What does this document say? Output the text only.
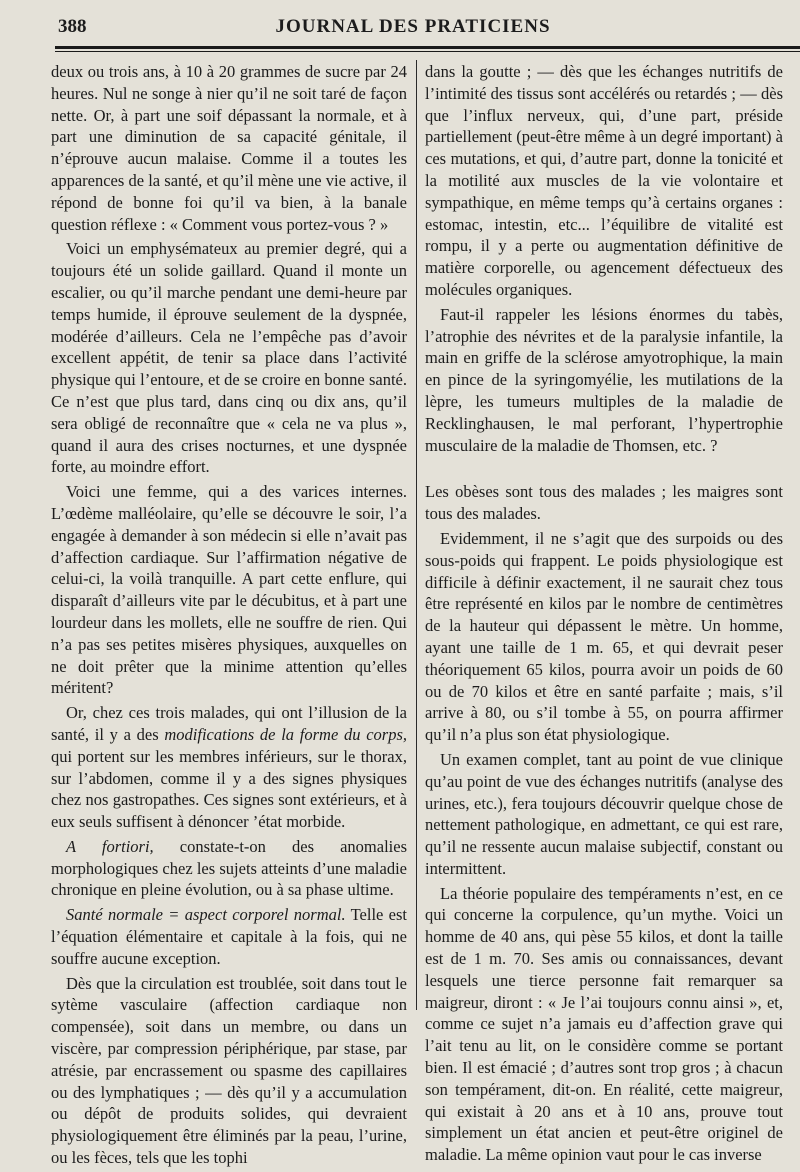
388	JOURNAL DES PRATICIENS

deux ou trois ans, à 10 à 20 grammes de sucre par 24 heures. Nul ne songe à nier qu’il ne soit taré de façon nette. Or, à part une soif dépassant la normale, et à part une diminution de sa capacité génitale, il n’éprouve aucun malaise. Comme il a toutes les apparences de la santé, et qu’il mène une vie active, il répond de bonne foi qu’il va bien, à la banale question réflexe : « Comment vous portez-vous ? »

Voici un emphysémateux au premier degré, qui a toujours été un solide gaillard. Quand il monte un escalier, ou qu’il marche pendant une demi-heure par temps humide, il éprouve seulement de la dyspnée, modérée d’ailleurs. Cela ne l’empêche pas d’avoir excellent appétit, de tenir sa place dans l’activité physique qui l’entoure, et de se croire en bonne santé. Ce n’est que plus tard, dans cinq ou dix ans, qu’il sera obligé de reconnaître que « cela ne va plus », quand il aura des crises nocturnes, et une dyspnée forte, au moindre effort.

Voici une femme, qui a des varices internes. L’œdème malléolaire, qu’elle se découvre le soir, l’a engagée à demander à son médecin si elle n’avait pas d’affection cardiaque. Sur l’affirmation négative de celui-ci, la voilà tranquille. A part cette enflure, qui disparaît d’ailleurs vite par le décubitus, et à part une lourdeur dans les mollets, elle ne souffre de rien. Qui n’a pas ses petites misères physiques, auxquelles on ne doit prêter que la minime attention qu’elles méritent?

Or, chez ces trois malades, qui ont l’illusion de la santé, il y a des modifications de la forme du corps, qui portent sur les membres inférieurs, sur le thorax, sur l’abdomen, comme il y a des signes physiques chez nos gastropathes. Ces signes sont extérieurs, et à eux seuls suffisent à dénoncer ’état morbide.

A fortiori, constate-t-on des anomalies morphologiques chez les sujets atteints d’une maladie chronique en pleine évolution, ou à sa phase ultime.

Santé normale = aspect corporel normal. Telle est l’équation élémentaire et capitale à la fois, qui ne souffre aucune exception.

Dès que la circulation est troublée, soit dans tout le sytème vasculaire (affection cardiaque non compensée), soit dans un membre, ou dans un viscère, par compression périphérique, par stase, par atrésie, par encrassement ou spasme des capillaires ou des lymphatiques ; — dès qu’il y a accumulation ou dépôt de produits solides, qui devraient physiologiquement être éliminés par la peau, l’urine, ou les fèces, tels que les tophi

dans la goutte ; — dès que les échanges nutritifs de l’intimité des tissus sont accélérés ou retardés ; — dès que l’influx nerveux, qui, d’une part, préside partiellement (peut-être même à un degré important) à ces mutations, et qui, d’autre part, donne la tonicité et la motilité aux muscles de la vie volontaire et sympathique, en même temps qu’à certains organes : estomac, intestin, etc... l’équilibre de vitalité est rompu, il y a perte ou augmentation définitive de matière corporelle, ou agencement défectueux des molécules organiques.

Faut-il rappeler les lésions énormes du tabès, l’atrophie des névrites et de la paralysie infantile, la main en griffe de la sclérose amyotrophique, la main en pince de la syringomyélie, les mutilations de la lèpre, les tumeurs multiples de la maladie de Recklinghausen, le mal perforant, l’hypertrophie musculaire de la maladie de Thomsen, etc. ?

Les obèses sont tous des malades ; les maigres sont tous des malades.

Evidemment, il ne s’agit que des surpoids ou des sous-poids qui frappent. Le poids physiologique est difficile à définir exactement, il ne saurait chez tous être représenté en kilos par le nombre de centimètres de la hauteur qui dépassent le mètre. Un homme, ayant une taille de 1 m. 65, et qui devrait peser théoriquement 65 kilos, pourra avoir un poids de 60 ou de 70 kilos et être en santé parfaite ; mais, s’il arrive à 80, ou s’il tombe à 55, on pourra affirmer qu’il n’a plus son état physiologique.

Un examen complet, tant au point de vue clinique qu’au point de vue des échanges nutritifs (analyse des urines, etc.), fera toujours découvrir quelque chose de nettement pathologique, en admettant, ce qui est rare, qu’il ne ressente aucun malaise subjectif, constant ou intermittent.

La théorie populaire des tempéraments n’est, en ce qui concerne la corpulence, qu’un mythe. Voici un homme de 40 ans, qui pèse 55 kilos, et dont la taille est de 1 m. 70. Ses amis ou connaissances, devant lesquels une tierce personne fait remarquer sa maigreur, diront : « Je l’ai toujours connu ainsi », et, comme ce sujet n’a jamais eu d’affection grave qui l’ait tenu au lit, on le considère comme se portant bien. Il est émacié ; d’autres sont trop gros ; à chacun son tempérament, dit-on. En réalité, cette maigreur, qui existait à 20 ans et à 10 ans, prouve tout simplement un état ancien et peut-être originel de maladie. La même opinion vaut pour le cas inverse
